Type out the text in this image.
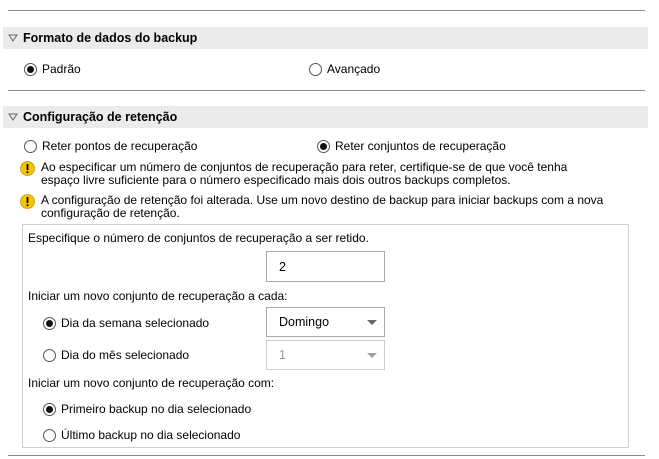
Formato de dados do backup
Padrão	Avançado
Configuração de retenção
Reter pontos de recuperação	Reter conjuntos de recuperação
Ao especificar um número de conjuntos de recuperação para reter, certifique-se de que você tenha
espaço livre suficiente para o número especificado mais dois outros backups completos.
A configuração de retenção foi alterada. Use um novo destino de backup para iniciar backups com a nova
configuração de retenção.
Especifique o número de conjuntos de recuperação a ser retido.
2
Iniciar um novo conjunto de recuperação a cada:
Dia da semana selecionado	Domingo
Dia do mês selecionado	1
Iniciar um novo conjunto de recuperação com:
Primeiro backup no dia selecionado
Último backup no dia selecionado
